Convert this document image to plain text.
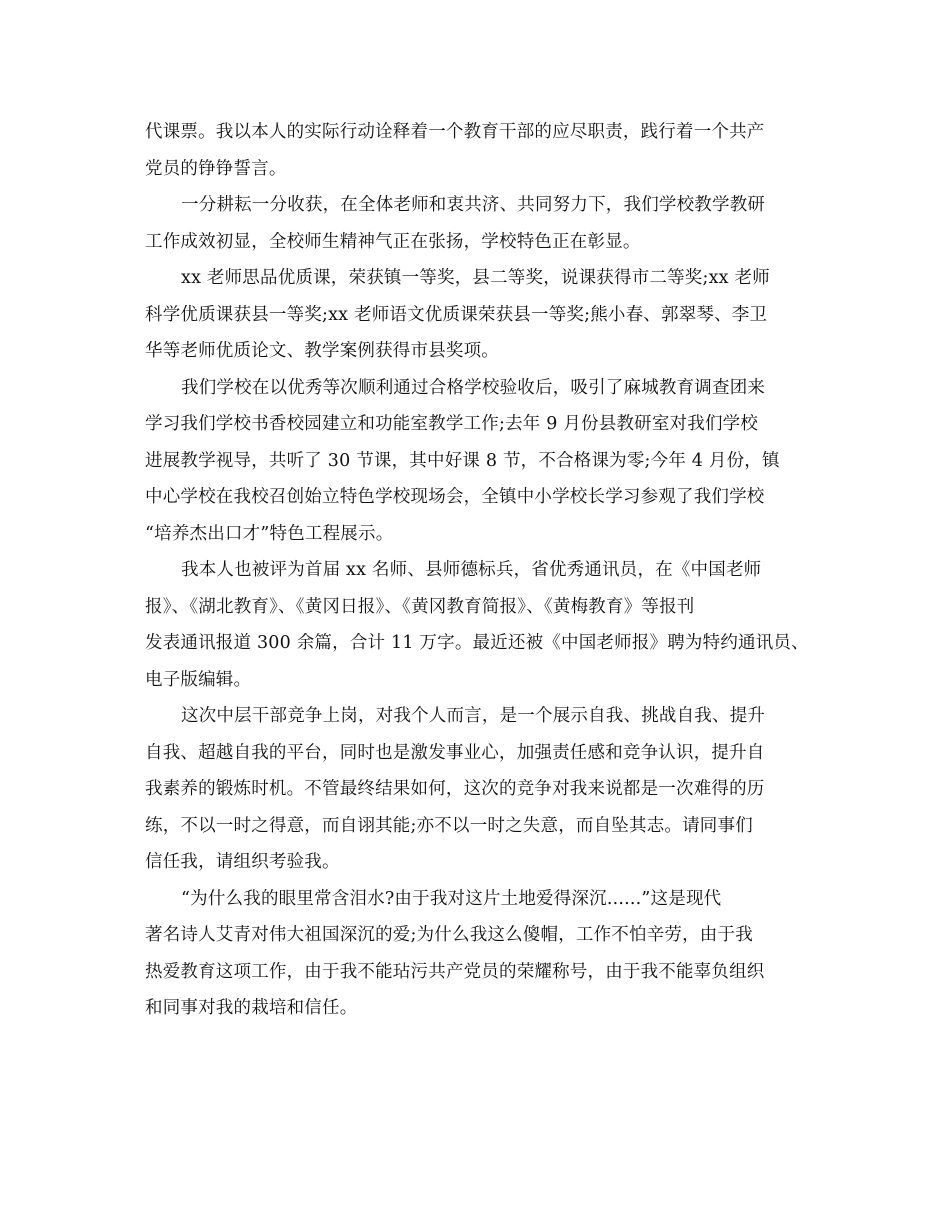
代课票。我以本人的实际行动诠释着一个教育干部的应尽职责，践行着一个共产
党员的铮铮誓言。
一分耕耘一分收获，在全体老师和衷共济、共同努力下，我们学校教学教研
工作成效初显，全校师生精神气正在张扬，学校特色正在彰显。
xx 老师思品优质课，荣获镇一等奖，县二等奖，说课获得市二等奖;xx 老师
科学优质课获县一等奖;xx 老师语文优质课荣获县一等奖;熊小春、郭翠琴、李卫
华等老师优质论文、教学案例获得市县奖项。
我们学校在以优秀等次顺利通过合格学校验收后，吸引了麻城教育调查团来
学习我们学校书香校园建立和功能室教学工作;去年 9 月份县教研室对我们学校
进展教学视导，共听了 30 节课，其中好课 8 节，不合格课为零;今年 4 月份，镇
中心学校在我校召创始立特色学校现场会，全镇中小学校长学习参观了我们学校
“培养杰出口才”特色工程展示。
我本人也被评为首届 xx 名师、县师德标兵，省优秀通讯员，在《中国老师
报》、《湖北教育》、《黄冈日报》、《黄冈教育简报》、《黄梅教育》等报刊
发表通讯报道 300 余篇，合计 11 万字。最近还被《中国老师报》聘为特约通讯员、
电子版编辑。
这次中层干部竞争上岗，对我个人而言，是一个展示自我、挑战自我、提升
自我、超越自我的平台，同时也是激发事业心，加强责任感和竞争认识，提升自
我素养的锻炼时机。不管最终结果如何，这次的竞争对我来说都是一次难得的历
练，不以一时之得意，而自诩其能;亦不以一时之失意，而自坠其志。请同事们
信任我，请组织考验我。
“为什么我的眼里常含泪水?由于我对这片土地爱得深沉......”这是现代
著名诗人艾青对伟大祖国深沉的爱;为什么我这么傻帽，工作不怕辛劳，由于我
热爱教育这项工作，由于我不能玷污共产党员的荣耀称号，由于我不能辜负组织
和同事对我的栽培和信任。
